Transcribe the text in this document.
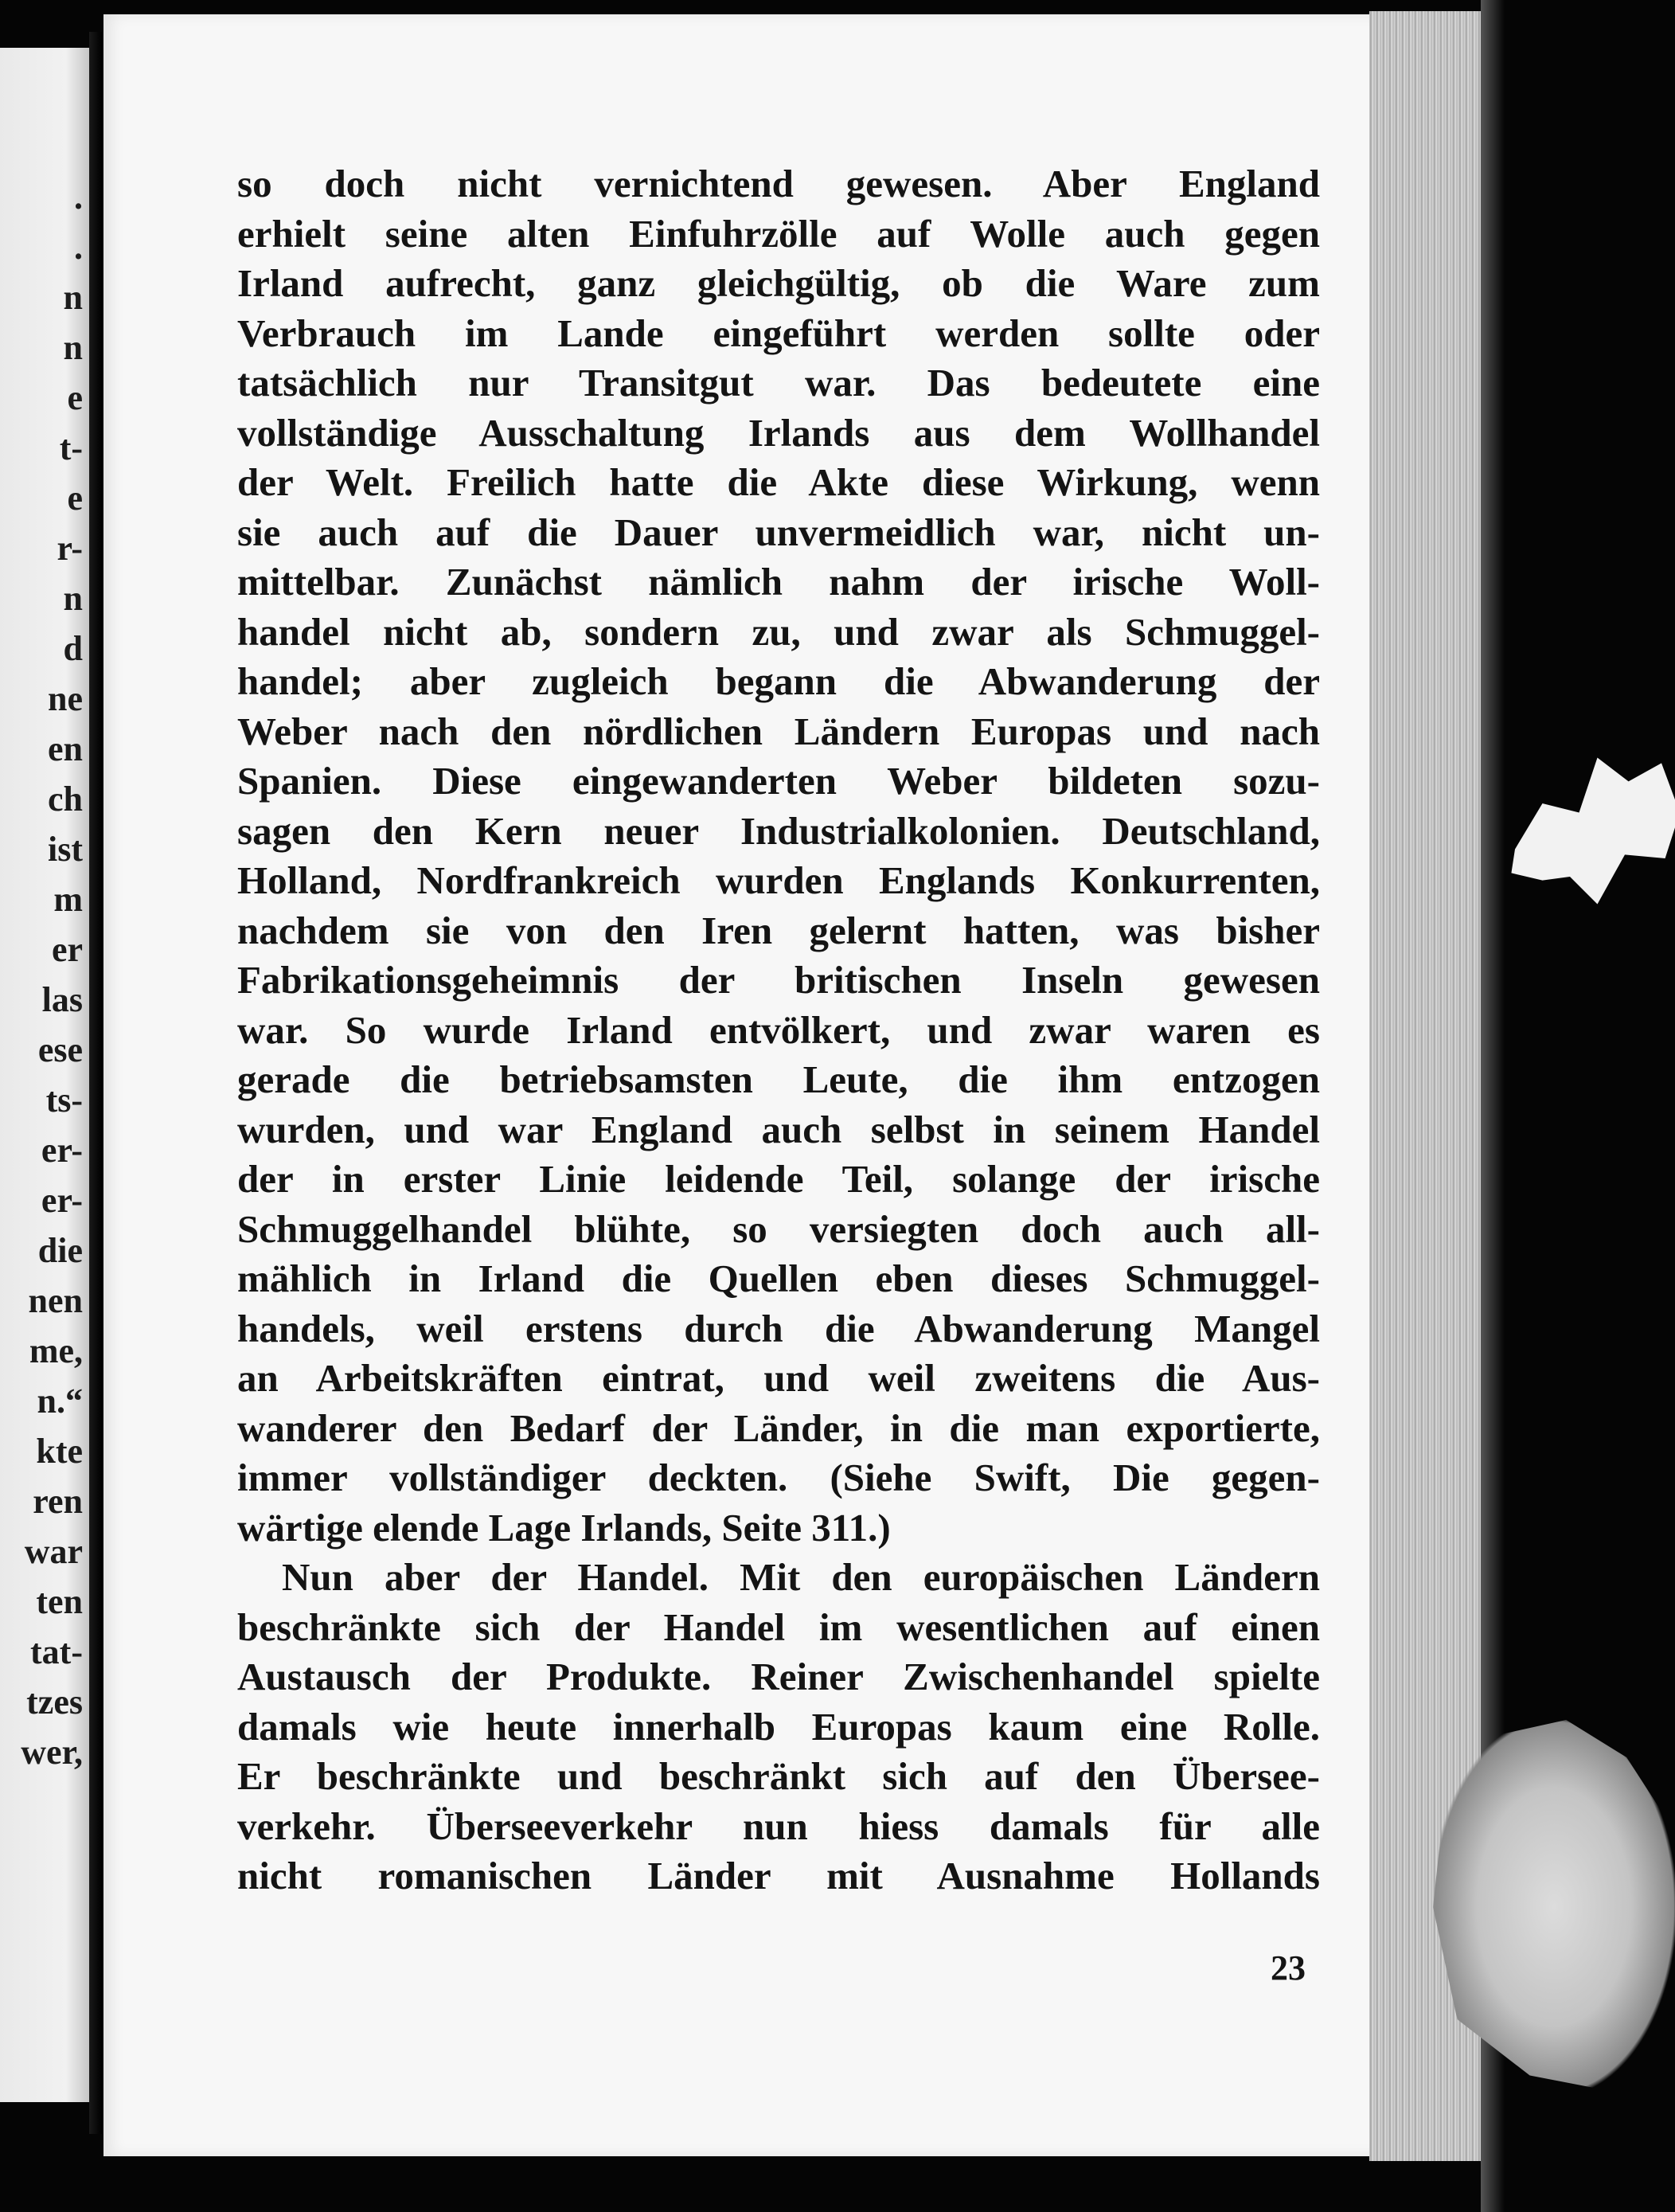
.
.
n
n
e
t-
e
r-
n
d
ne
en
ch
ist
m
er
las
ese
ts-
er-
er-
die
nen
me,
n.“
kte
ren
war
ten
tat-
tzes
wer,
so doch nicht vernichtend gewesen. Aber England
erhielt seine alten Einfuhrzölle auf Wolle auch gegen
Irland aufrecht, ganz gleichgültig, ob die Ware zum
Verbrauch im Lande eingeführt werden sollte oder
tatsächlich nur Transitgut war. Das bedeutete eine
vollständige Ausschaltung Irlands aus dem Wollhandel
der Welt. Freilich hatte die Akte diese Wirkung, wenn
sie auch auf die Dauer unvermeidlich war, nicht un-
mittelbar. Zunächst nämlich nahm der irische Woll-
handel nicht ab, sondern zu, und zwar als Schmuggel-
handel; aber zugleich begann die Abwanderung der
Weber nach den nördlichen Ländern Europas und nach
Spanien. Diese eingewanderten Weber bildeten sozu-
sagen den Kern neuer Industrialkolonien. Deutschland,
Holland, Nordfrankreich wurden Englands Konkurrenten,
nachdem sie von den Iren gelernt hatten, was bisher
Fabrikationsgeheimnis der britischen Inseln gewesen
war. So wurde Irland entvölkert, und zwar waren es
gerade die betriebsamsten Leute, die ihm entzogen
wurden, und war England auch selbst in seinem Handel
der in erster Linie leidende Teil, solange der irische
Schmuggelhandel blühte, so versiegten doch auch all-
mählich in Irland die Quellen eben dieses Schmuggel-
handels, weil erstens durch die Abwanderung Mangel
an Arbeitskräften eintrat, und weil zweitens die Aus-
wanderer den Bedarf der Länder, in die man exportierte,
immer vollständiger deckten. (Siehe Swift, Die gegen-
wärtige elende Lage Irlands, Seite 311.)
Nun aber der Handel. Mit den europäischen Ländern
beschränkte sich der Handel im wesentlichen auf einen
Austausch der Produkte. Reiner Zwischenhandel spielte
damals wie heute innerhalb Europas kaum eine Rolle.
Er beschränkte und beschränkt sich auf den Übersee-
verkehr. Überseeverkehr nun hiess damals für alle
nicht romanischen Länder mit Ausnahme Hollands
23
